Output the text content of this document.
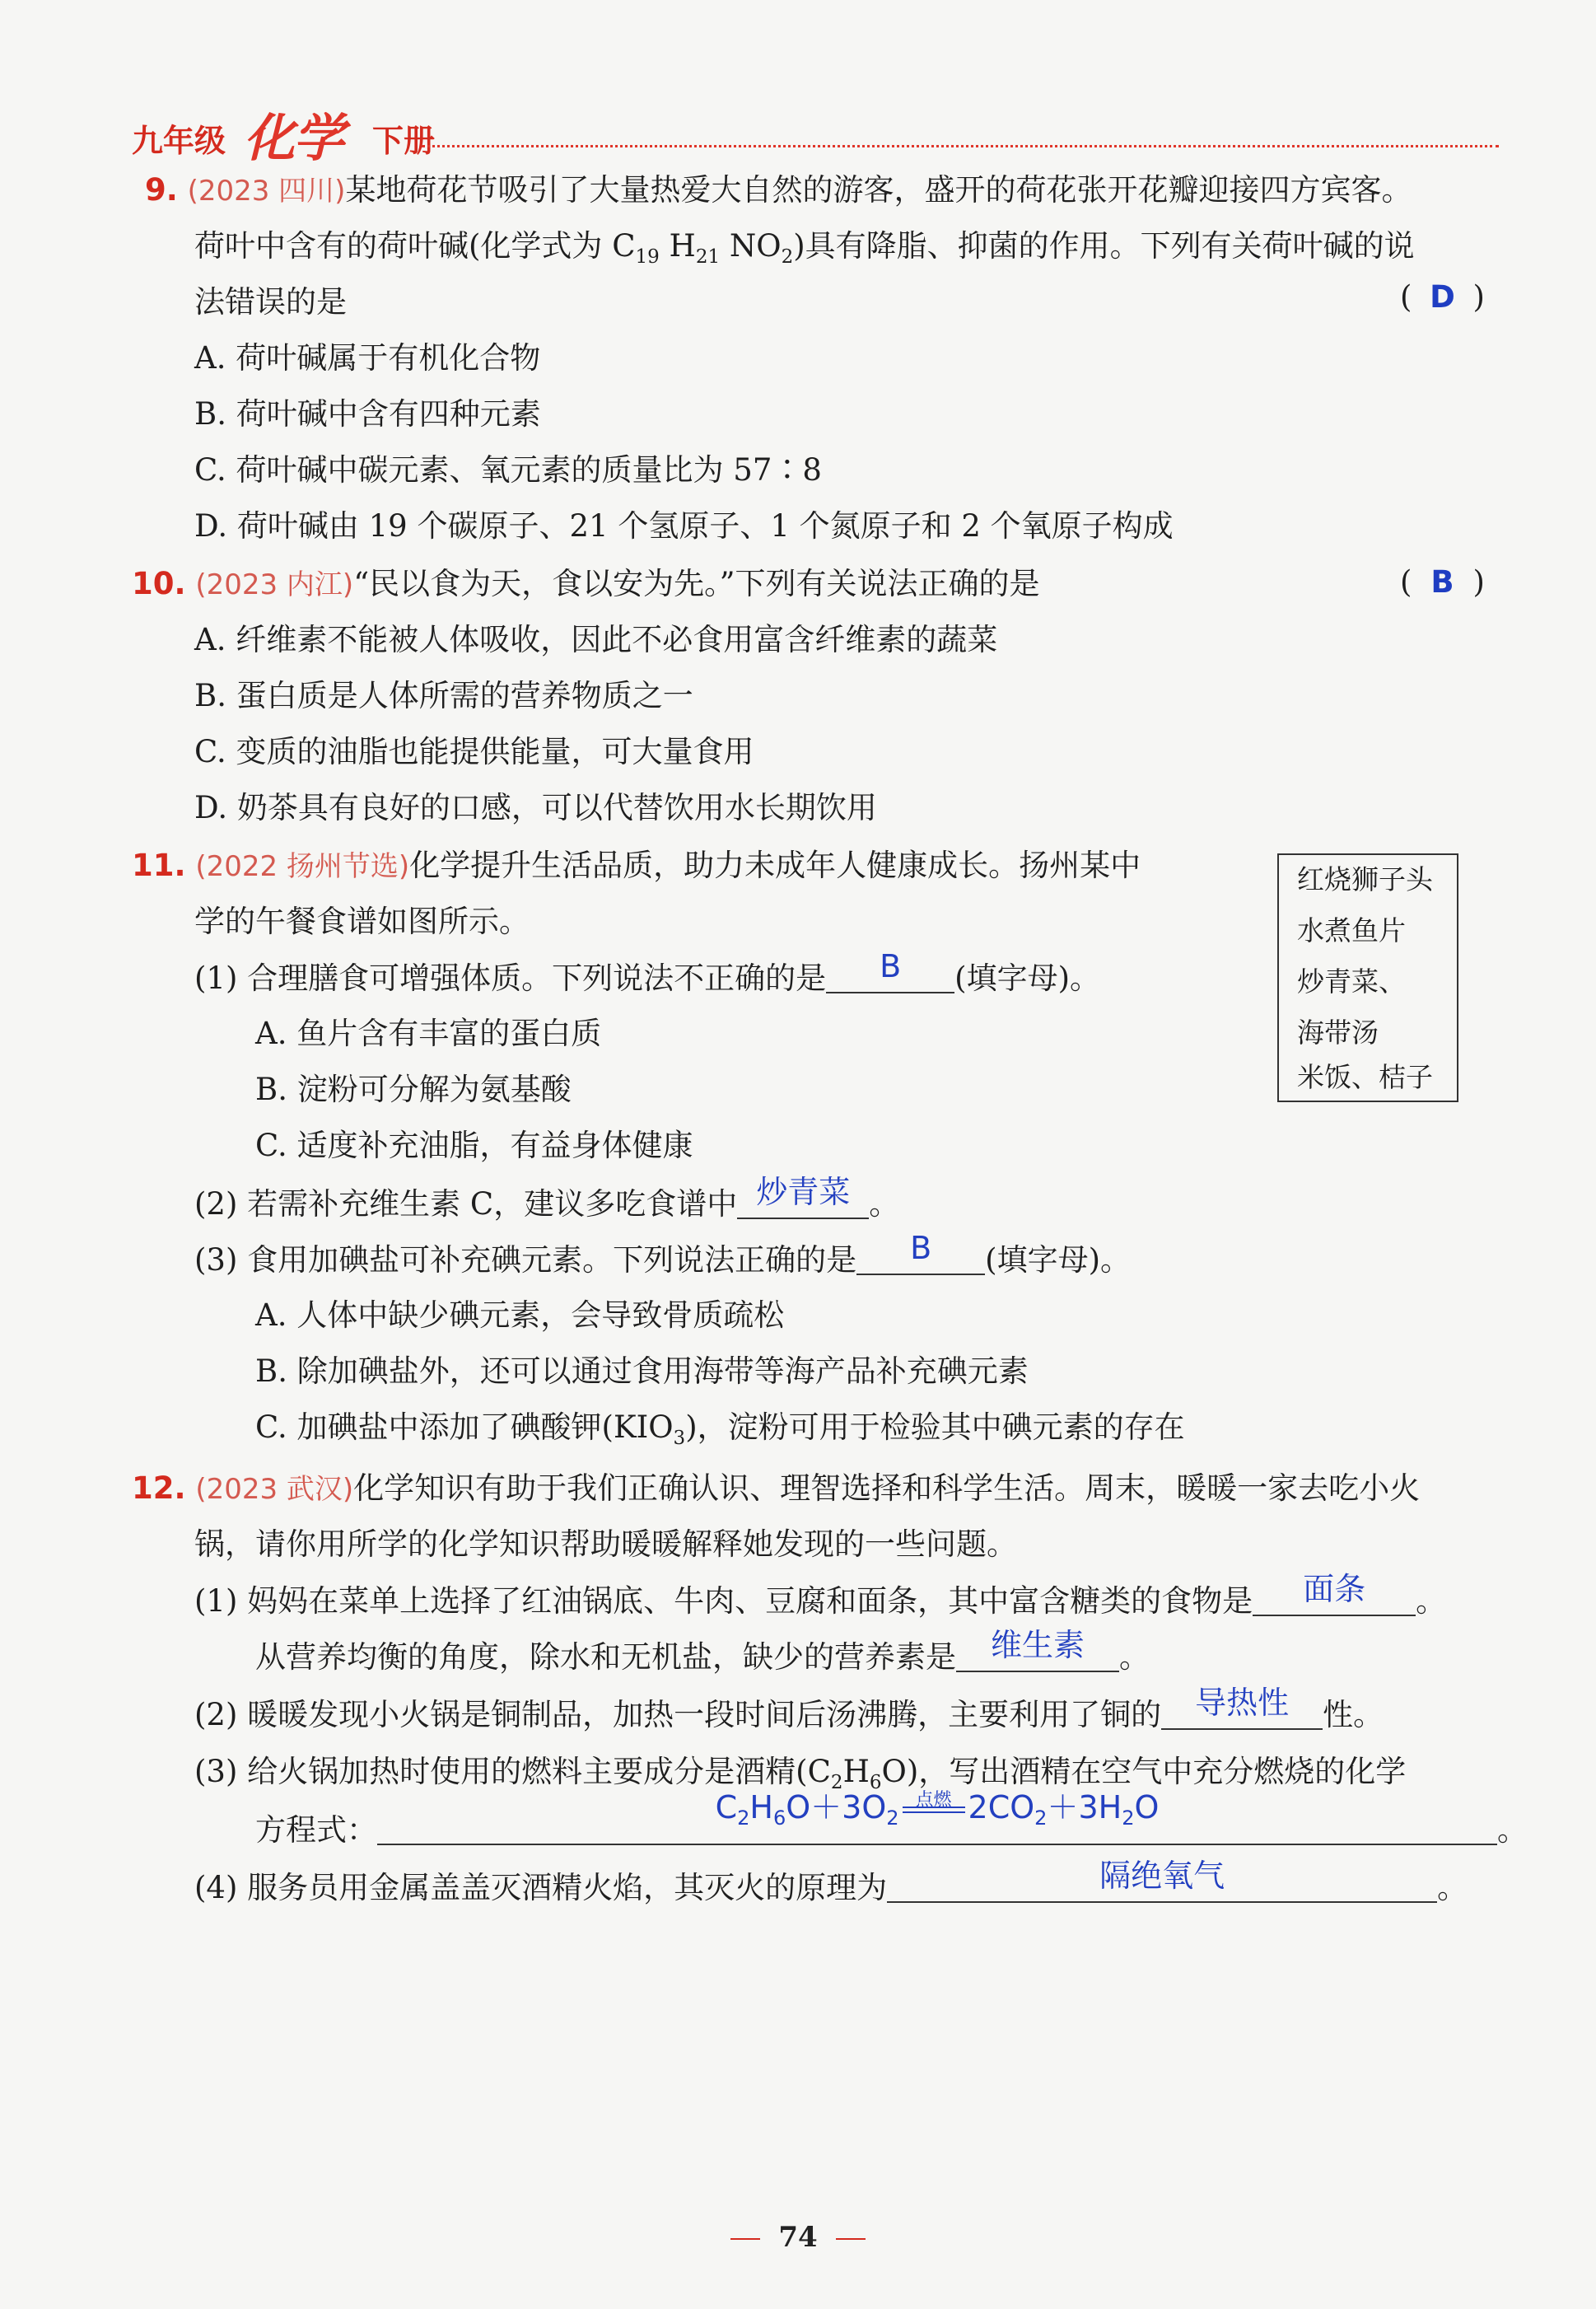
九年级 化学 下册
9. (2023 四川)某地荷花节吸引了大量热爱大自然的游客，盛开的荷花张开花瓣迎接四方宾客。
荷叶中含有的荷叶碱(化学式为 $C_{19}$ $H_{21}$ $NO_2$)具有降脂、抑菌的作用。下列有关荷叶碱的说
法错误的是	( D )
A. 荷叶碱属于有机化合物
B. 荷叶碱中含有四种元素
C. 荷叶碱中碳元素、氧元素的质量比为 57∶8
D. 荷叶碱由 19 个碳原子、21 个氢原子、1 个氮原子和 2 个氧原子构成
10. (2023 内江)“民以食为天，食以安为先。”下列有关说法正确的是	( B )
A. 纤维素不能被人体吸收，因此不必食用富含纤维素的蔬菜
B. 蛋白质是人体所需的营养物质之一
C. 变质的油脂也能提供能量，可大量食用
D. 奶茶具有良好的口感，可以代替饮用水长期饮用
11. (2022 扬州节选)化学提升生活品质，助力未成年人健康成长。扬州某中
学的午餐食谱如图所示。
红烧狮子头
水煮鱼片
炒青菜、
海带汤
米饭、桔子
(1) 合理膳食可增强体质。下列说法不正确的是	B	(填字母)。
A. 鱼片含有丰富的蛋白质
B. 淀粉可分解为氨基酸
C. 适度补充油脂，有益身体健康
(2) 若需补充维生素 C，建议多吃食谱中 炒青菜 。
(3) 食用加碘盐可补充碘元素。下列说法正确的是	B	(填字母)。
A. 人体中缺少碘元素，会导致骨质疏松
B. 除加碘盐外，还可以通过食用海带等海产品补充碘元素
C. 加碘盐中添加了碘酸钾$(KIO_3)$，淀粉可用于检验其中碘元素的存在
12. (2023 武汉)化学知识有助于我们正确认识、理智选择和科学生活。周末，暖暖一家去吃小火
锅，请你用所学的化学知识帮助暖暖解释她发现的一些问题。
(1) 妈妈在菜单上选择了红油锅底、牛肉、豆腐和面条，其中富含糖类的食物是	面条	。
从营养均衡的角度，除水和无机盐，缺少的营养素是	维生素	。
(2) 暖暖发现小火锅是铜制品，加热一段时间后汤沸腾，主要利用了铜的	导热性	性。
(3) 给火锅加热时使用的燃料主要成分是酒精$(C_2H_6O)$，写出酒精在空气中充分燃烧的化学
方程式：
$C_2H_6O+3O_2$
点燃 $2CO_2+3H_2O$
。
(4) 服务员用金属盖盖灭酒精火焰，其灭火的原理为	隔绝氧气	。
74
